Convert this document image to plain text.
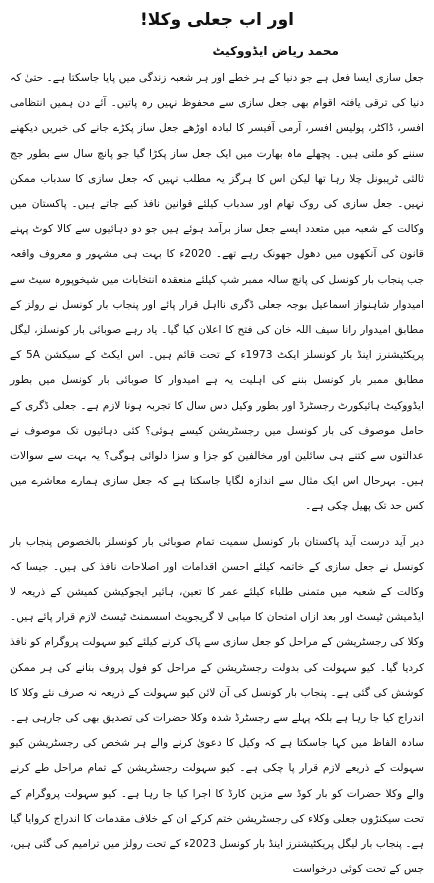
اور اب جعلی وکلا!
محمد ریاض ایڈووکیٹ

جعل سازی ایسا فعل ہے جو دنیا کے ہر خطے اور ہر شعبہ زندگی میں پایا جاسکتا ہے۔ حتیٰ کہ دنیا کی ترقی یافتہ اقوام بھی جعل سازی سے محفوظ نہیں رہ پاتیں۔ آئے دن ہمیں انتظامی افسر، ڈاکٹر، پولیس افسر، آرمی آفیسر کا لبادہ اوڑھے جعل ساز پکڑے جانے کی خبریں دیکھنے سننے کو ملتی ہیں۔ پچھلے ماہ بھارت میں ایک جعل ساز پکڑا گیا جو پانچ سال سے بطور جج ثالثی ٹریبونل چلا رہا تھا لیکن اس کا ہرگز یہ مطلب نہیں کہ جعل سازی کا سدباب ممکن نہیں۔ جعل سازی کی روک تھام اور سدباب کیلئے قوانین نافذ کیے جاتے ہیں۔ پاکستان میں وکالت کے شعبہ میں متعدد ایسے جعل ساز برآمد ہوئے ہیں جو دو دہائیوں سے کالا کوٹ پہنے قانون کی آنکھوں میں دھول جھونک رہے تھے۔ 2020ء کا بہت ہی مشہور و معروف واقعہ جب پنجاب بار کونسل کی پانچ سالہ ممبر شپ کیلئے منعقدہ انتخابات میں شیخوپورہ سیٹ سے امیدوار شاہنواز اسماعیل بوجہ جعلی ڈگری نااہل قرار پائے اور پنجاب بار کونسل نے رولز کے مطابق امیدوار رانا سیف اللہ خان کی فتح کا اعلان کیا گیا۔ یاد رہے صوبائی بار کونسلز، لیگل پریکٹیشنرز اینڈ بار کونسلز ایکٹ 1973ء کے تحت قائم ہیں۔ اس ایکٹ کے سیکشن 5A کے مطابق ممبر بار کونسل بننے کی اہلیت یہ ہے امیدوار کا صوبائی بار کونسل میں بطور ایڈووکیٹ ہائیکورٹ رجسٹرڈ اور بطور وکیل دس سال کا تجربہ ہونا لازم ہے۔ جعلی ڈگری کے حامل موصوف کی بار کونسل میں رجسٹریشن کیسے ہوئی؟ کئی دہائیوں تک موصوف نے عدالتوں سے کتنے ہی سائلین اور مخالفین کو جزا و سزا دلوائی ہوگی؟ یہ بہت سے سوالات ہیں۔ بہرحال اس ایک مثال سے اندازہ لگایا جاسکتا ہے کہ جعل سازی ہمارے معاشرے میں کس حد تک پھیل چکی ہے۔

دیر آید درست آید پاکستان بار کونسل سمیت تمام صوبائی بار کونسلز بالخصوص پنجاب بار کونسل نے جعل سازی کے خاتمہ کیلئے احسن اقدامات اور اصلاحات نافذ کی ہیں۔ جیسا کہ وکالت کے شعبہ میں متمنی طلباء کیلئے عمر کا تعین، ہائیر ایجوکیشن کمیشن کے ذریعہ لا ایڈمیشن ٹیسٹ اور بعد ازاں امتحان کا میابی لا گریجویٹ اسسمنٹ ٹیسٹ لازم قرار پائے ہیں۔ وکلا کی رجسٹریشن کے مراحل کو جعل سازی سے پاک کرنے کیلئے کیو سہولت پروگرام کو نافذ کردیا گیا۔ کیو سہولت کی بدولت رجسٹریشن کے مراحل کو فول پروف بنانے کی ہر ممکن کوشش کی گئی ہے۔ پنجاب بار کونسل کی آن لائن کیو سہولت کے ذریعہ نہ صرف نئے وکلا کا اندراج کیا جا رہا ہے بلکہ پہلے سے رجسٹرڈ شدہ وکلا حضرات کی تصدیق بھی کی جارہی ہے۔ سادہ الفاظ میں کہا جاسکتا ہے کہ وکیل کا دعویٰ کرنے والے ہر شخص کی رجسٹریشن کیو سہولت کے ذریعے لازم قرار پا چکی ہے۔ کیو سہولت رجسٹریشن کے تمام مراحل طے کرنے والے وکلا حضرات کو بار کوڈ سے مزین کارڈ کا اجرا کیا جا رہا ہے۔ کیو سہولت پروگرام کے تحت سیکنڑوں جعلی وکلاء کی رجسٹریشن ختم کرکے ان کے خلاف مقدمات کا اندراج کروایا گیا ہے۔ پنجاب بار لیگل پریکٹیشنرز اینڈ بار کونسل 2023ء کے تحت رولز میں ترامیم کی گئی ہیں، جس کے تحت کوئی درخواست
